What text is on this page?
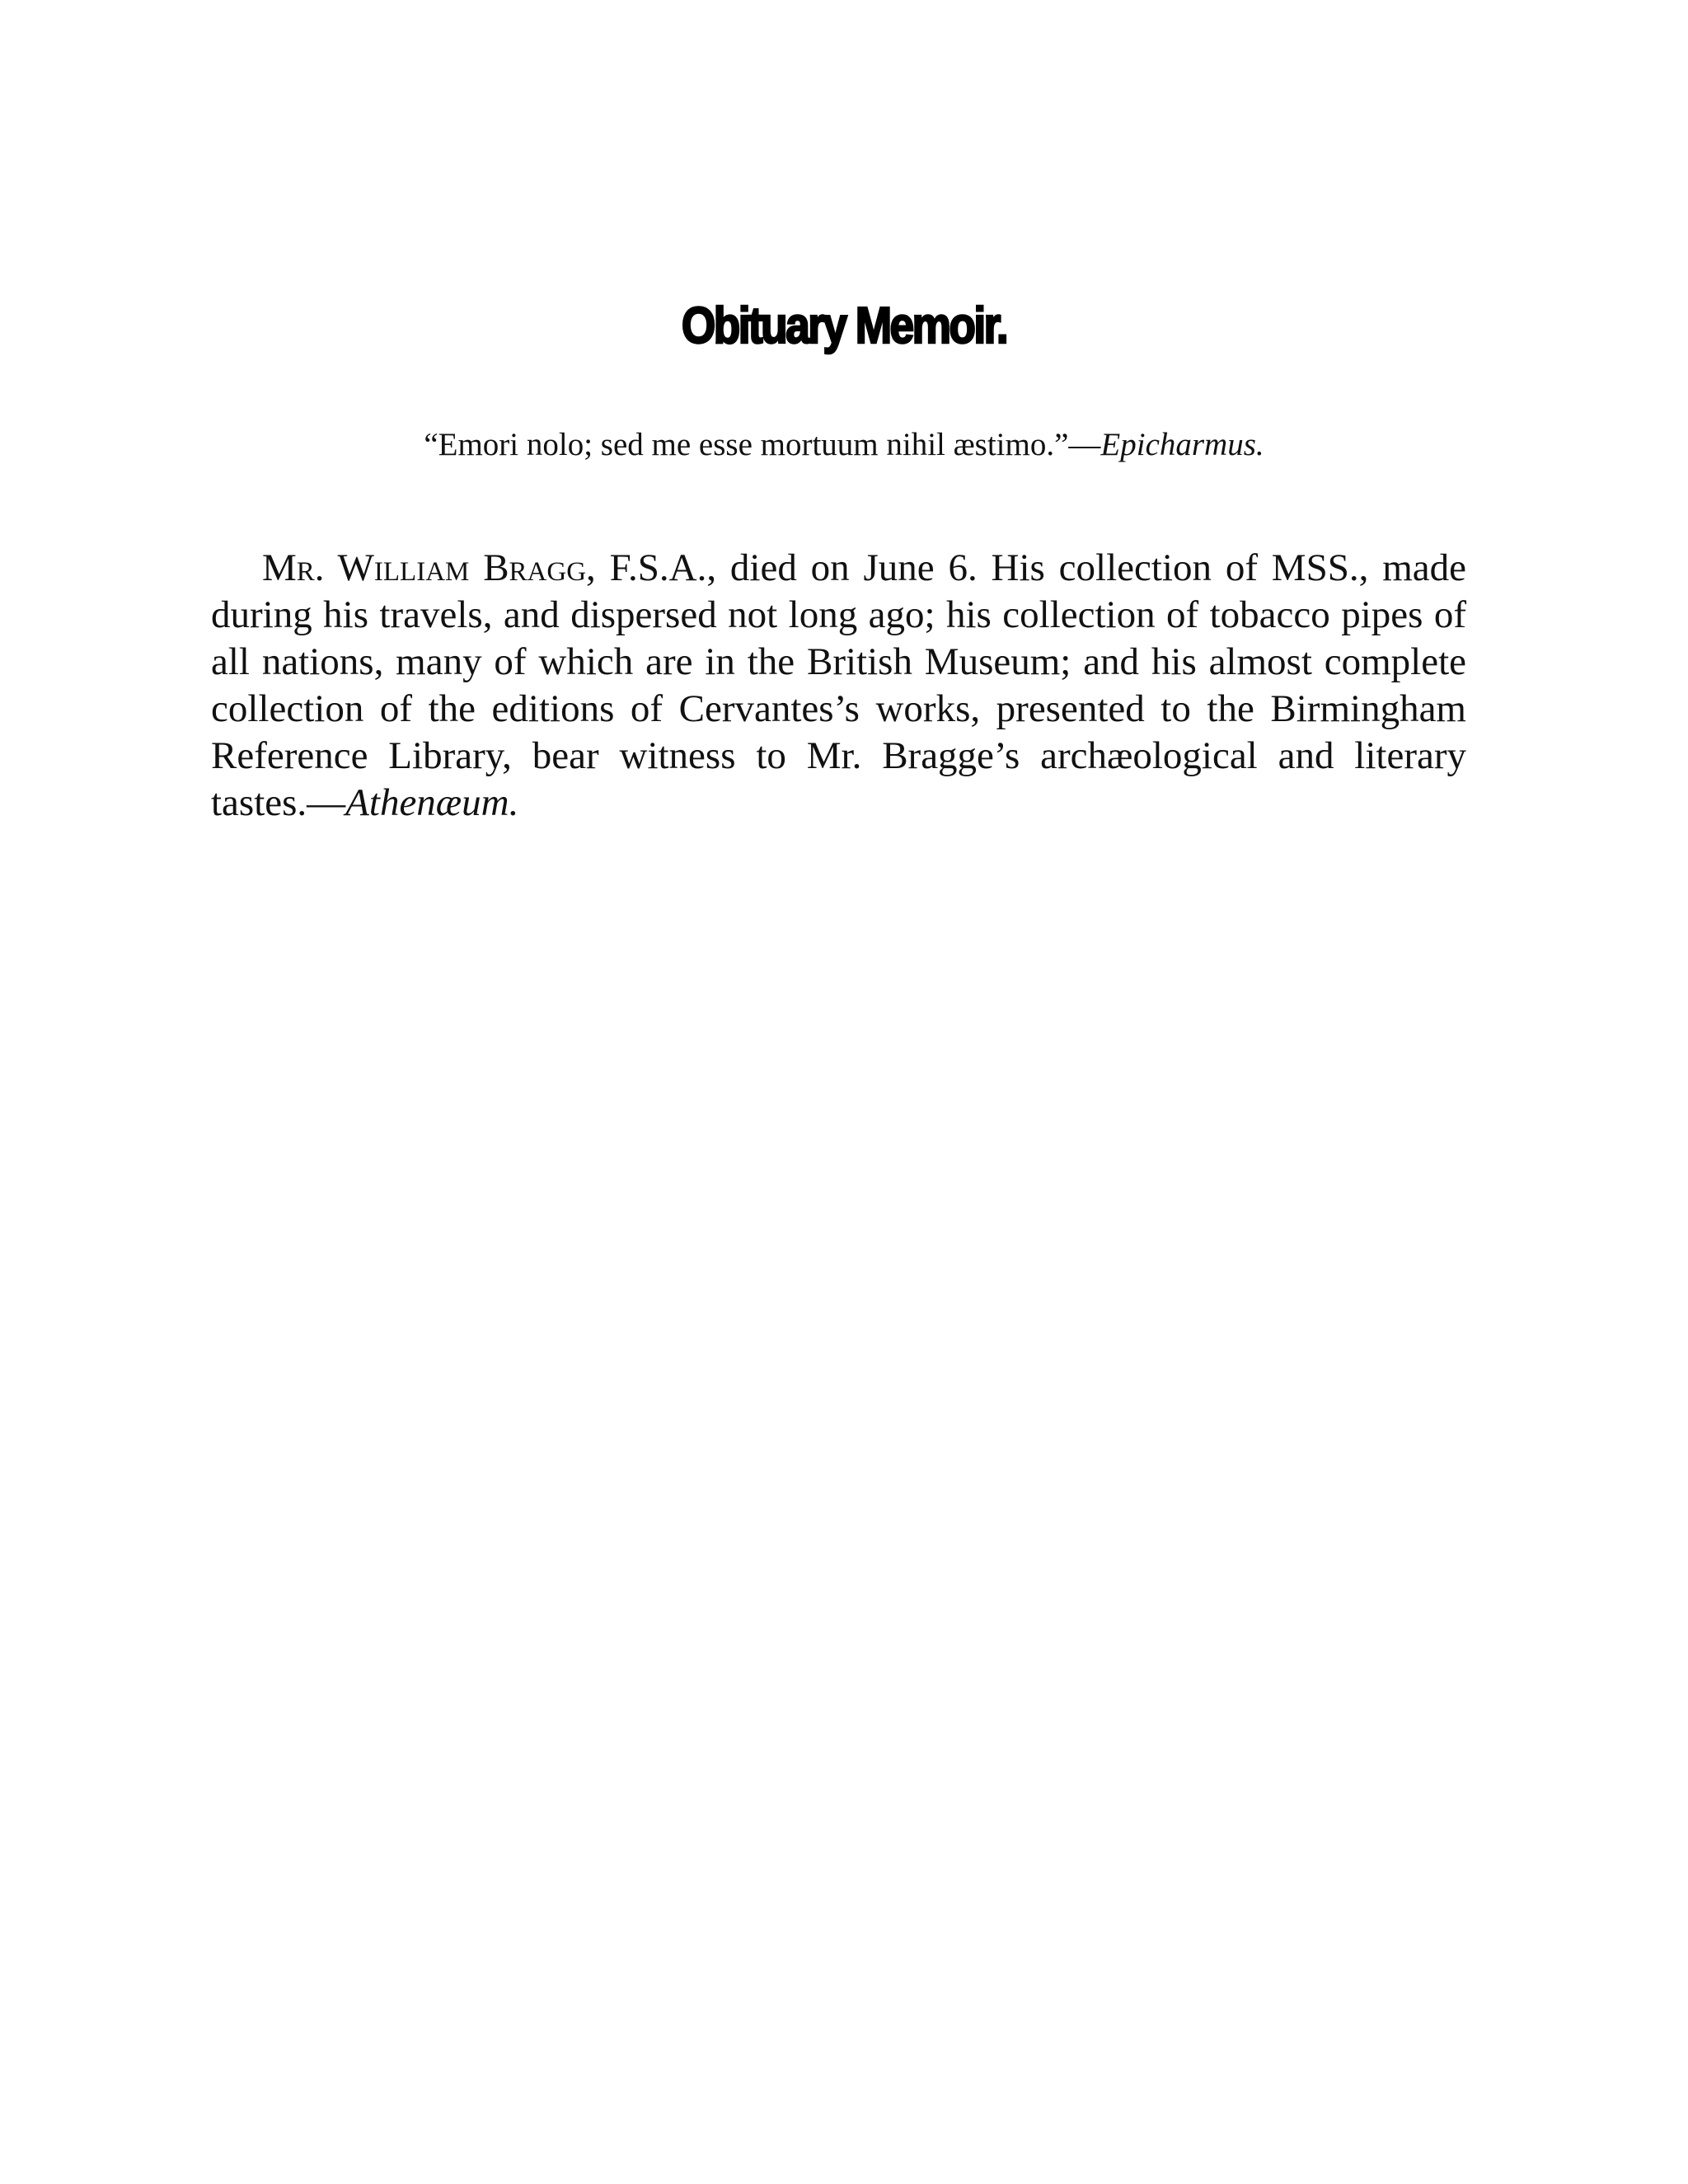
Obituary Memoir.
“Emori nolo; sed me esse mortuum nihil æstimo.”—Epicharmus.

Mr. William Bragg, F.S.A., died on June 6. His collection of MSS., made during his travels, and dispersed not long ago; his collection of tobacco pipes of all nations, many of which are in the British Museum; and his almost complete collection of the editions of Cervantes’s works, presented to the Birmingham Reference Library, bear witness to Mr. Bragge’s archæological and literary tastes.—Athenæum.
